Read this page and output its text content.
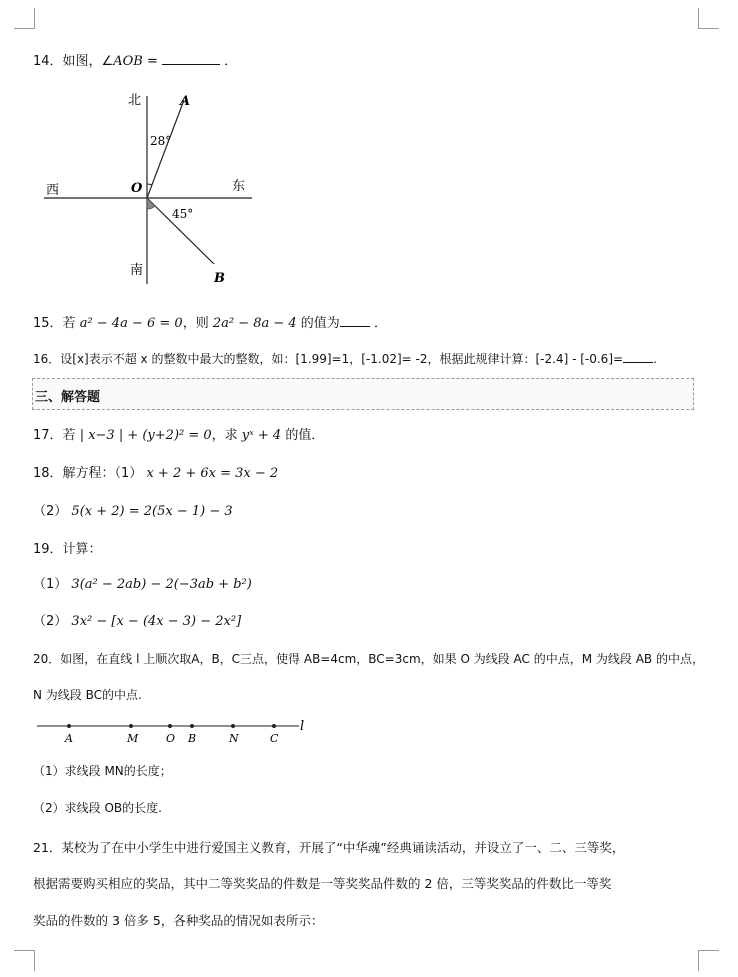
14．如图，∠AOB =	．
北
南
西	东
A
B
O
28°
45°
15．若 a² − 4a − 6 = 0，则 2a² − 8a − 4 的值为	．
16．设[x]表示不超 x 的整数中最大的整数，如：[1.99]=1，[-1.02]= -2，根据此规律计算：[-2.4] - [-0.6]=	.
三、解答题
17．若 | x−3 | + (y+2)² = 0，求 yˣ + 4 的值．
18．解方程：（1） x + 2 + 6x = 3x − 2
（2） 5(x + 2) = 2(5x − 1) − 3
19．计算：
（1） 3(a² − 2ab) − 2(−3ab + b²)
（2） 3x² − [x − (4x − 3) − 2x²]
20．如图，在直线 l 上顺次取A，B，C三点，使得 AB=4cm，BC=3cm，如果 O 为线段 AC 的中点，M 为线段 AB 的中点，
N 为线段 BC的中点.
l
A	M	O B	N	C
（1）求线段 MN的长度；
（2）求线段 OB的长度.
21．某校为了在中小学生中进行爱国主义教育，开展了“中华魂”经典诵读活动，并设立了一、二、三等奖，
根据需要购买相应的奖品，其中二等奖奖品的件数是一等奖奖品件数的 2 倍，三等奖奖品的件数比一等奖
奖品的件数的 3 倍多 5，各种奖品的情况如表所示：
